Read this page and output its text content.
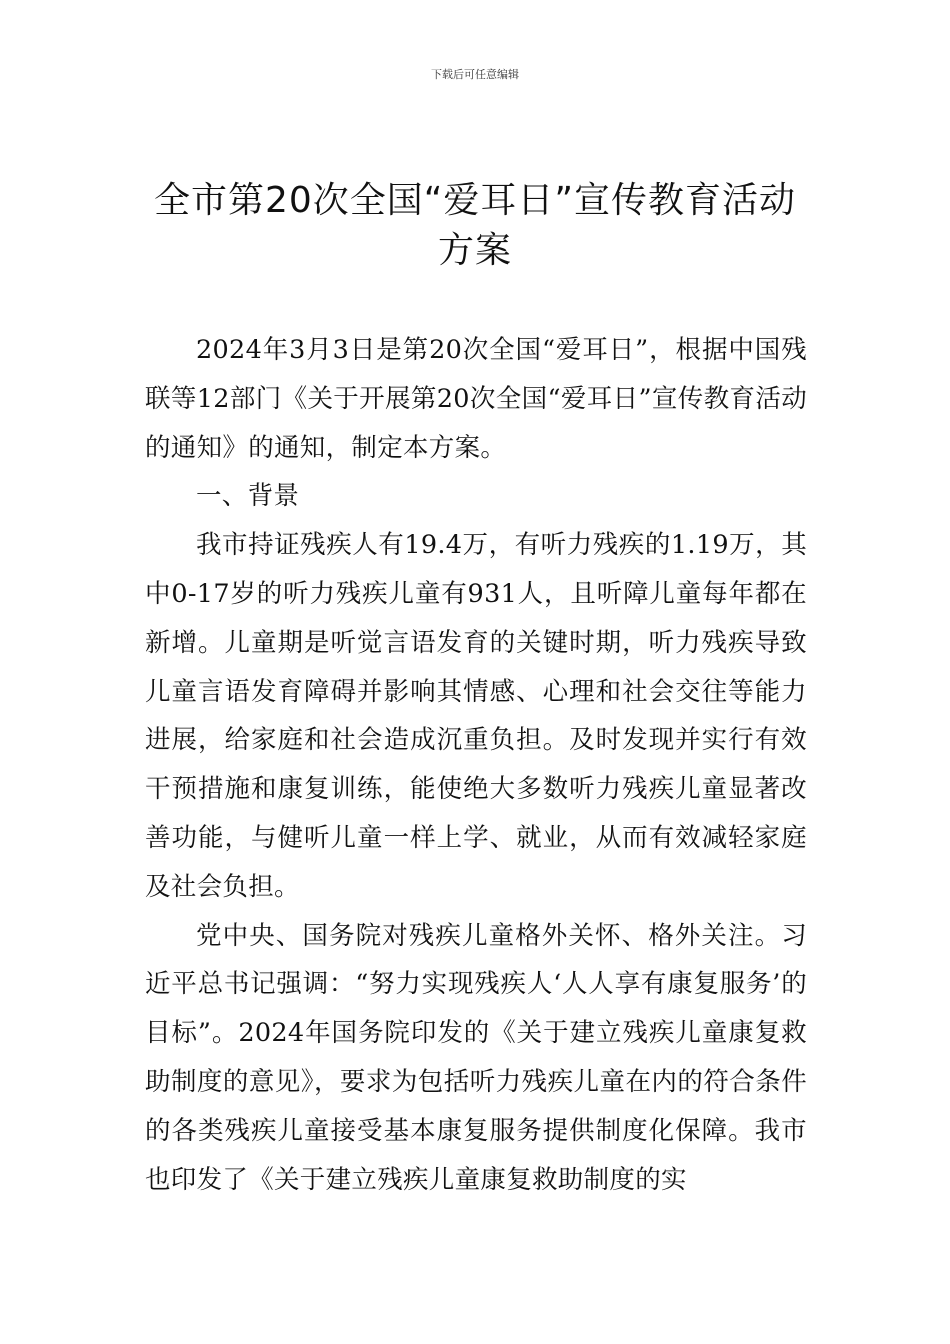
下载后可任意编辑
全市第20次全国“爱耳日”宣传教育活动
方案

2024年3月3日是第20次全国“爱耳日”，根据中国残联等12部门《关于开展第20次全国“爱耳日”宣传教育活动的通知》的通知，制定本方案。

一、背景

我市持证残疾人有19.4万，有听力残疾的1.19万，其中0-17岁的听力残疾儿童有931人，且听障儿童每年都在新增。儿童期是听觉言语发育的关键时期，听力残疾导致儿童言语发育障碍并影响其情感、心理和社会交往等能力进展，给家庭和社会造成沉重负担。及时发现并实行有效干预措施和康复训练，能使绝大多数听力残疾儿童显著改善功能，与健听儿童一样上学、就业，从而有效减轻家庭及社会负担。

党中央、国务院对残疾儿童格外关怀、格外关注。习近平总书记强调：“努力实现残疾人‘人人享有康复服务’的目标”。2024年国务院印发的《关于建立残疾儿童康复救助制度的意见》，要求为包括听力残疾儿童在内的符合条件的各类残疾儿童接受基本康复服务提供制度化保障。我市也印发了《关于建立残疾儿童康复救助制度的实
